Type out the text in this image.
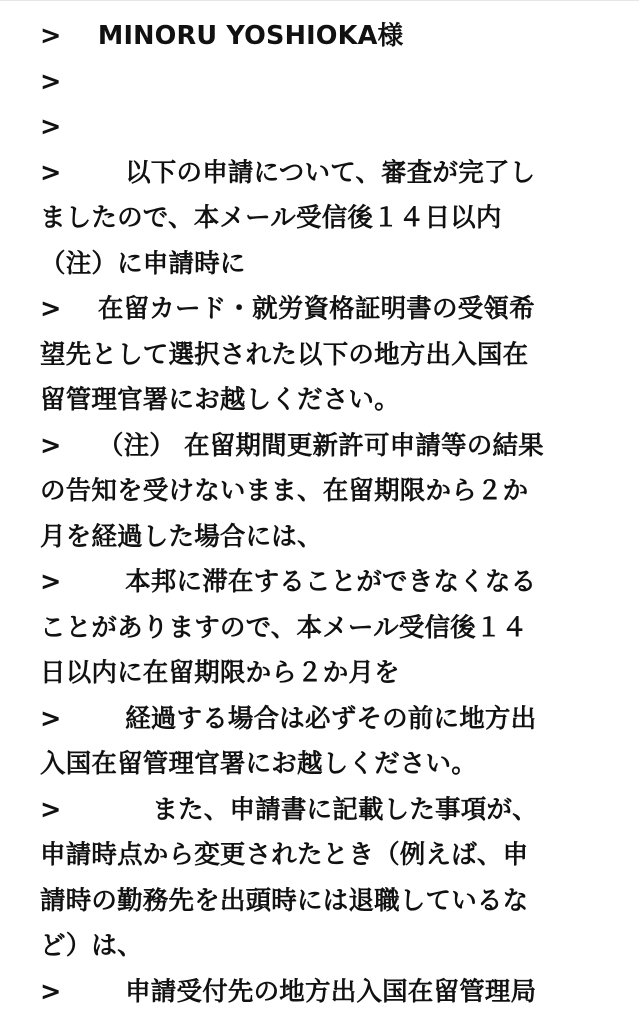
>    MINORU YOSHIOKA様
>
>
>       以下の申請について、審査が完了し
ましたので、本メール受信後１４日以内
（注）に申請時に
>    在留カード・就労資格証明書の受領希
望先として選択された以下の地方出入国在
留管理官署にお越しください。
>    （注） 在留期間更新許可申請等の結果
の告知を受けないまま、在留期限から２か
月を経過した場合には、
>       本邦に滞在することができなくなる
ことがありますので、本メール受信後１４
日以内に在留期限から２か月を
>       経過する場合は必ずその前に地方出
入国在留管理官署にお越しください。
>          また、申請書に記載した事項が、
申請時点から変更されたとき（例えば、申
請時の勤務先を出頭時には退職しているな
ど）は、
>       申請受付先の地方出入国在留管理局
